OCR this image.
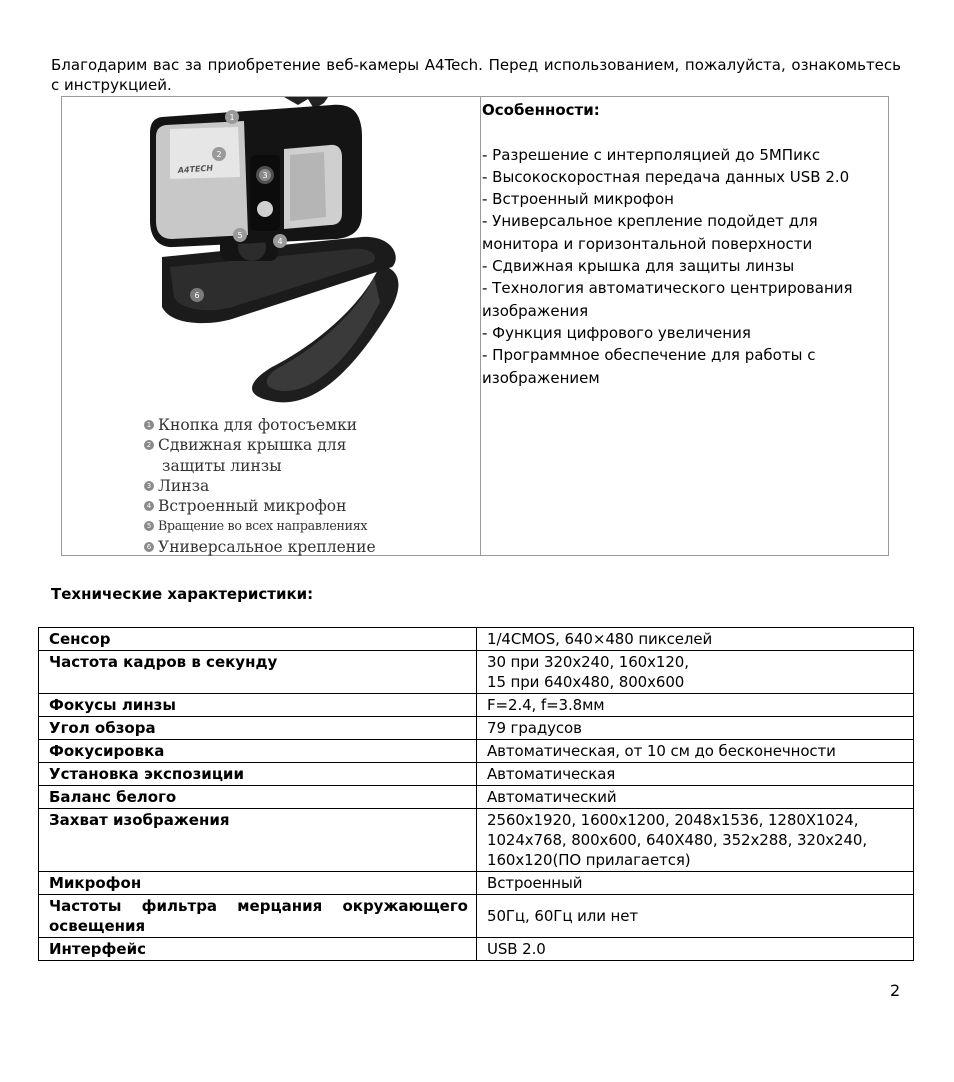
Благодарим вас за приобретение веб-камеры A4Tech. Перед использованием, пожалуйста, ознакомьтесь с инструкцией.

6
A4TECH
1
2
3
4
5
1 Кнопка для фотосъемки
2 Сдвижная крышка для
защиты линзы
3 Линза
4 Встроенный микрофон
5 Вращение во всех направлениях
6 Универсальное крепление
Особенности:
- Разрешение с интерполяцией до 5МПикс
- Высокоскоростная передача данных USB 2.0
- Встроенный микрофон
- Универсальное крепление подойдет для монитора и горизонтальной поверхности
- Сдвижная крышка для защиты линзы
- Технология автоматического центрирования изображения
- Функция цифрового увеличения
- Программное обеспечение для работы с изображением
Технические характеристики:
Сенсор	1/4CMOS, 640×480 пикселей
Частота кадров в секунду	30 при 320x240, 160x120,
15 при 640x480, 800x600
Фокусы линзы	F=2.4, f=3.8мм
Угол обзора	79 градусов
Фокусировка	Автоматическая, от 10 см до бесконечности
Установка экспозиции	Автоматическая
Баланс белого	Автоматический
Захват изображения	2560x1920, 1600x1200, 2048x1536, 1280X1024, 1024x768, 800x600, 640X480, 352x288, 320x240, 160x120(ПО прилагается)
Микрофон	Встроенный
Частоты фильтра мерцания окружающего освещения	50Гц, 60Гц или нет
Интерфейс	USB 2.0
2
